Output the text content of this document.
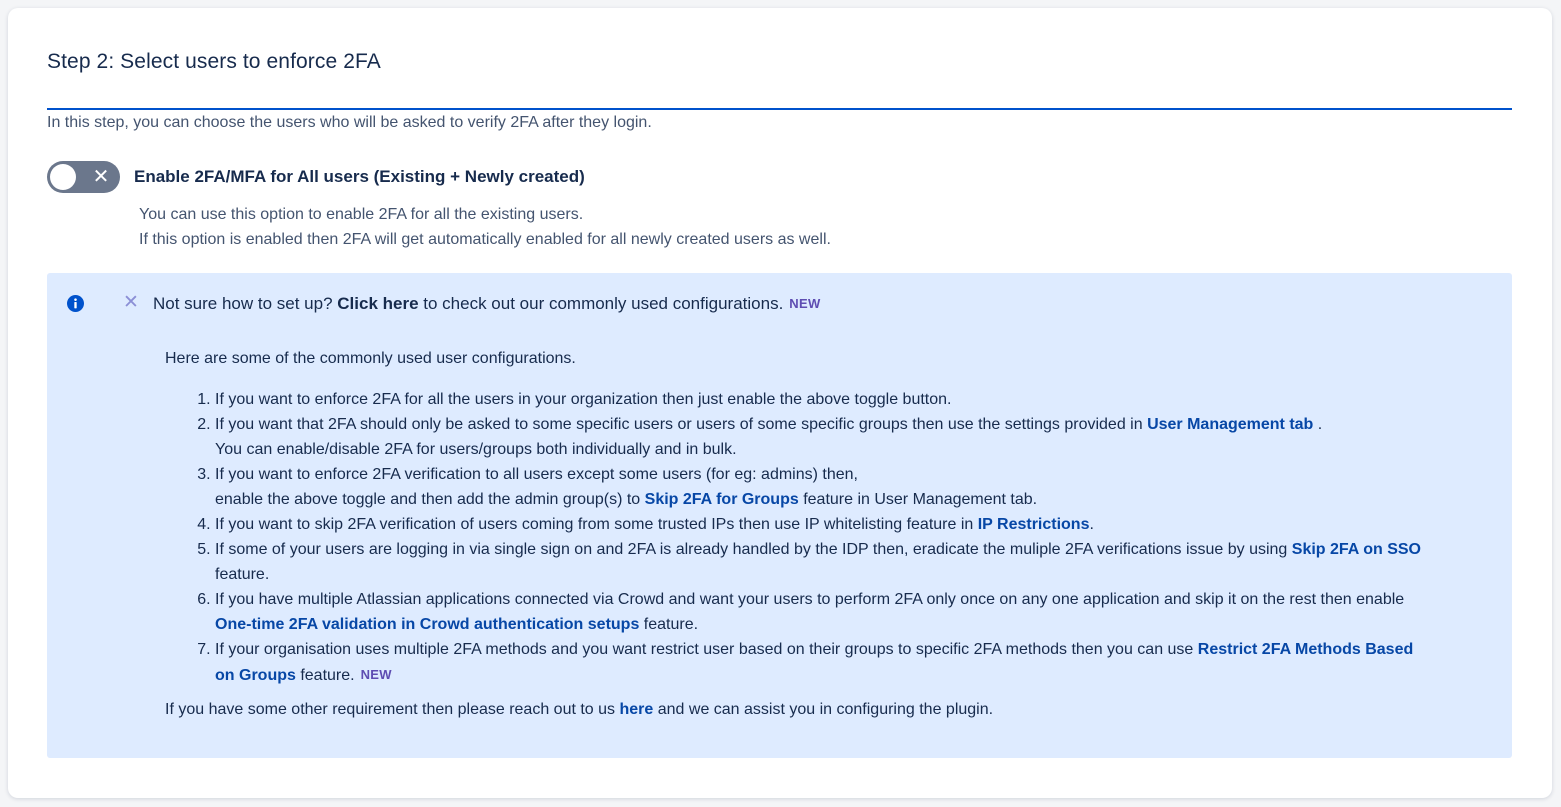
Step 2: Select users to enforce 2FA

In this step, you can choose the users who will be asked to verify 2FA after they login.

✕ Enable 2FA/MFA for All users (Existing + Newly created)

You can use this option to enable 2FA for all the existing users.
If this option is enabled then 2FA will get automatically enabled for all newly created users as well.

✕ Not sure how to set up? Click here to check out our commonly used configurations. NEW

Here are some of the commonly used user configurations.

1. If you want to enforce 2FA for all the users in your organization then just enable the above toggle button.
2. If you want that 2FA should only be asked to some specific users or users of some specific groups then use the settings provided in User Management tab .
You can enable/disable 2FA for users/groups both individually and in bulk.
3. If you want to enforce 2FA verification to all users except some users (for eg: admins) then,
enable the above toggle and then add the admin group(s) to Skip 2FA for Groups feature in User Management tab.
4. If you want to skip 2FA verification of users coming from some trusted IPs then use IP whitelisting feature in IP Restrictions.
5. If some of your users are logging in via single sign on and 2FA is already handled by the IDP then, eradicate the muliple 2FA verifications issue by using Skip 2FA on SSO feature.
6. If you have multiple Atlassian applications connected via Crowd and want your users to perform 2FA only once on any one application and skip it on the rest then enable One-time 2FA validation in Crowd authentication setups feature.
7. If your organisation uses multiple 2FA methods and you want restrict user based on their groups to specific 2FA methods then you can use Restrict 2FA Methods Based on Groups feature. NEW

If you have some other requirement then please reach out to us here and we can assist you in configuring the plugin.
